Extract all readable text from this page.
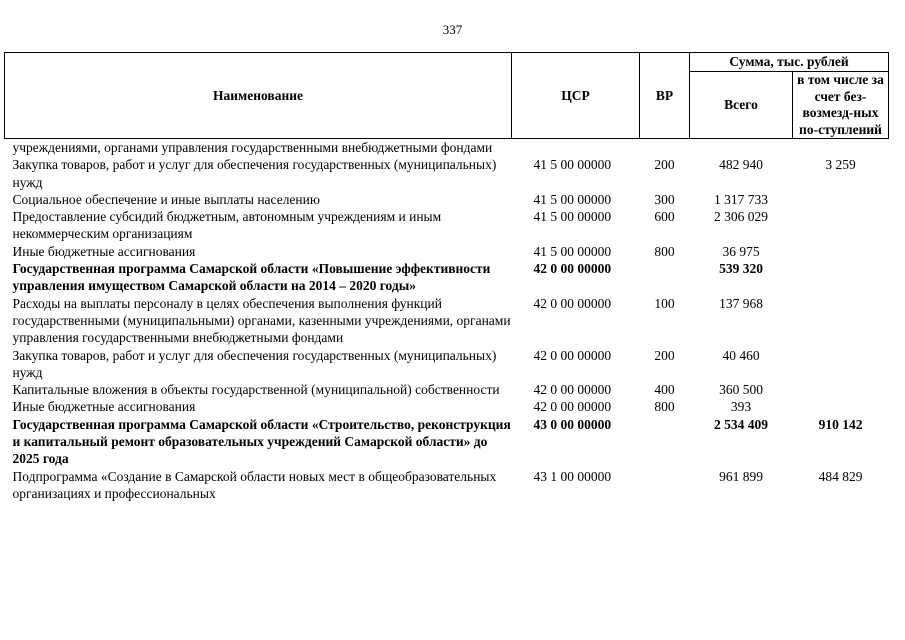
337
Наименование	ЦСР	ВР	Сумма, тыс. рублей	
			Всего	в том числе за счет без-возмезд-ных по-ступлений
учреждениями, органами управления государственными внебюджетными фондами				
Закупка товаров, работ и услуг для обеспечения государственных (муниципальных) нужд	41 5 00 00000	200	482 940	3 259
Социальное обеспечение и иные выплаты населению	41 5 00 00000	300	1 317 733	
Предоставление субсидий бюджетным, автономным учреждениям и иным некоммерческим организациям	41 5 00 00000	600	2 306 029	
Иные бюджетные ассигнования	41 5 00 00000	800	36 975	
Государственная программа Самарской области «Повышение эффективности управления имуществом Самарской области на 2014 – 2020 годы»	42 0 00 00000		539 320	
Расходы на выплаты персоналу в целях обеспечения выполнения функций государственными (муниципальными) органами, казенными учреждениями, органами управления государственными внебюджетными фондами	42 0 00 00000	100	137 968	
Закупка товаров, работ и услуг для обеспечения государственных (муниципальных) нужд	42 0 00 00000	200	40 460	
Капитальные вложения в объекты государственной (муниципальной) собственности	42 0 00 00000	400	360 500	
Иные бюджетные ассигнования	42 0 00 00000	800	393	
Государственная программа Самарской области «Строительство, реконструкция и капитальный ремонт образовательных учреждений Самарской области» до 2025 года	43 0 00 00000		2 534 409	910 142
Подпрограмма «Создание в Самарской области новых мест в общеобразовательных организациях и профессиональных	43 1 00 00000		961 899	484 829
